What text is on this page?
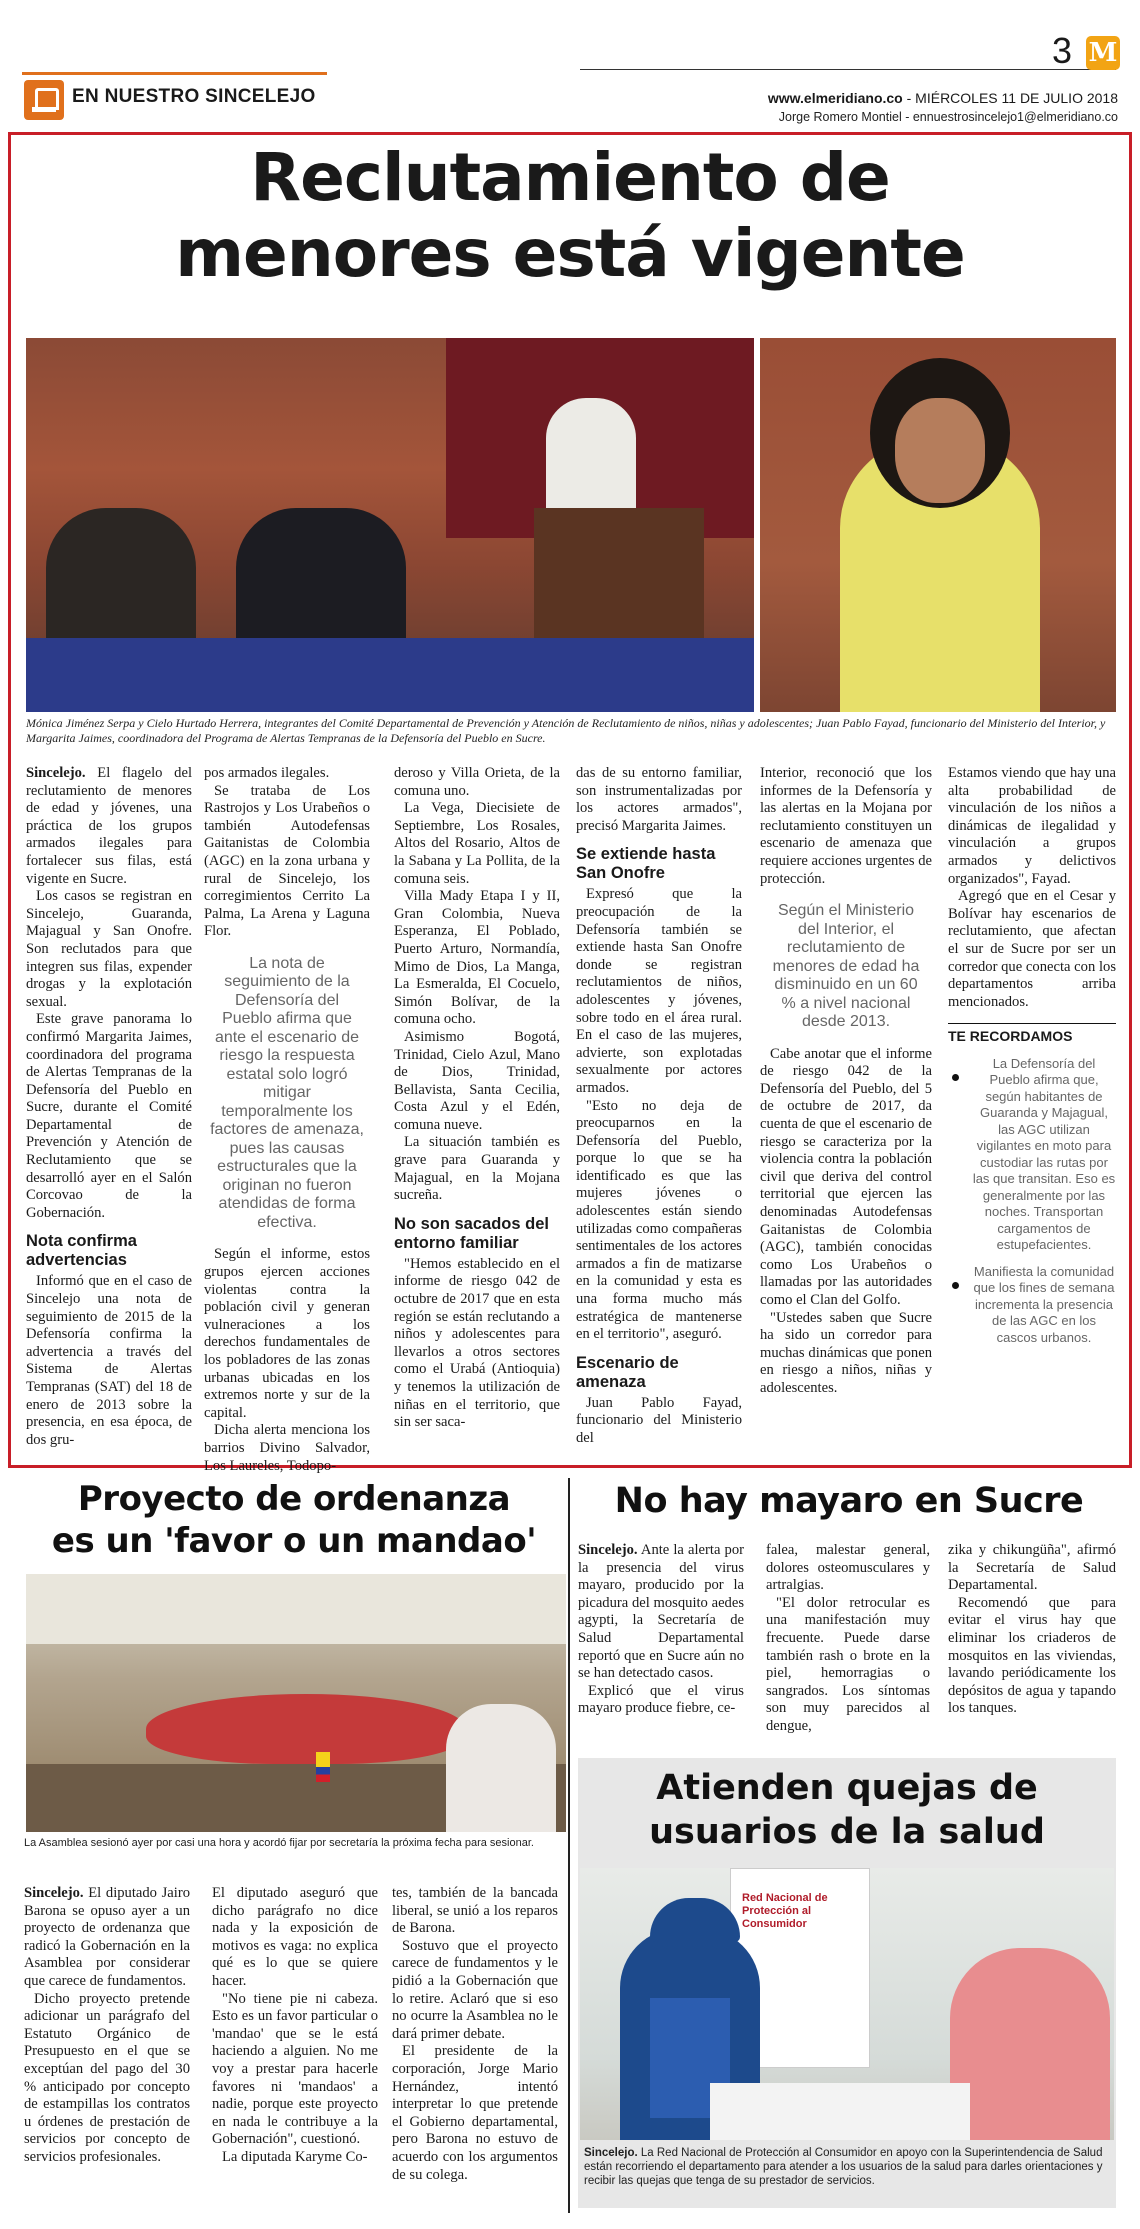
EN NUESTRO SINCELEJO
3 M
www.elmeridiano.co - MIÉRCOLES 11 DE JULIO 2018
Jorge Romero Montiel - ennuestrosincelejo1@elmeridiano.co
Reclutamiento de
menores está vigente
Mónica Jiménez Serpa y Cielo Hurtado Herrera, integrantes del Comité Departamental de Prevención y Atención de Reclutamiento de niños, niñas y adolescentes; Juan Pablo Fayad, funcionario del Ministerio del Interior, y Margarita Jaimes, coordinadora del Programa de Alertas Tempranas de la Defensoría del Pueblo en Sucre.

Sincelejo. El flagelo del reclutamiento de menores de edad y jóvenes, una práctica de los grupos armados ilegales para fortalecer sus filas, está vigente en Sucre.

Los casos se registran en Sincelejo, Guaranda, Majagual y San Onofre. Son reclutados para que integren sus filas, expender drogas y la explotación sexual.

Este grave panorama lo confirmó Margarita Jaimes, coordinadora del programa de Alertas Tempranas de la Defensoría del Pueblo en Sucre, durante el Comité Departamental de Prevención y Atención de Reclutamiento que se desarrolló ayer en el Salón Corcovao de la Gobernación.

Nota confirma advertencias

Informó que en el caso de Sincelejo una nota de seguimiento de 2015 de la Defensoría confirma la advertencia a través del Sistema de Alertas Tempranas (SAT) del 18 de enero de 2013 sobre la presencia, en esa época, de dos gru-

pos armados ilegales.

Se trataba de Los Rastrojos y Los Urabeños o también Autodefensas Gaitanistas de Colombia (AGC) en la zona urbana y rural de Sincelejo, los corregimientos Cerrito La Palma, La Arena y Laguna Flor.

La nota de seguimiento de la Defensoría del Pueblo afirma que ante el escenario de riesgo la respuesta estatal solo logró mitigar temporalmente los factores de amenaza, pues las causas estructurales que la originan no fueron atendidas de forma efectiva.

Según el informe, estos grupos ejercen acciones violentas contra la población civil y generan vulneraciones a los derechos fundamentales de los pobladores de las zonas urbanas ubicadas en los extremos norte y sur de la capital.

Dicha alerta menciona los barrios Divino Salvador, Los Laureles, Todopo-

deroso y Villa Orieta, de la comuna uno.

La Vega, Diecisiete de Septiembre, Los Rosales, Altos del Rosario, Altos de la Sabana y La Pollita, de la comuna seis.

Villa Mady Etapa I y II, Gran Colombia, Nueva Esperanza, El Poblado, Puerto Arturo, Normandía, Mimo de Dios, La Manga, La Esmeralda, El Cocuelo, Simón Bolívar, de la comuna ocho.

Asimismo Bogotá, Trinidad, Cielo Azul, Mano de Dios, Trinidad, Bellavista, Santa Cecilia, Costa Azul y el Edén, comuna nueve.

La situación también es grave para Guaranda y Majagual, en la Mojana sucreña.

No son sacados del entorno familiar

"Hemos establecido en el informe de riesgo 042 de octubre de 2017 que en esta región se están reclutando a niños y adolescentes para llevarlos a otros sectores como el Urabá (Antioquia) y tenemos la utilización de niñas en el territorio, que sin ser saca-

das de su entorno familiar, son instrumentalizadas por los actores armados", precisó Margarita Jaimes.

Se extiende hasta San Onofre

Expresó que la preocupación de la Defensoría también se extiende hasta San Onofre donde se registran reclutamientos de niños, adolescentes y jóvenes, sobre todo en el área rural. En el caso de las mujeres, advierte, son explotadas sexualmente por actores armados.

"Esto no deja de preocuparnos en la Defensoría del Pueblo, porque lo que se ha identificado es que las mujeres jóvenes o adolescentes están siendo utilizadas como compañeras sentimentales de los actores armados a fin de matizarse en la comunidad y esta es una forma mucho más estratégica de mantenerse en el territorio", aseguró.

Escenario de amenaza

Juan Pablo Fayad, funcionario del Ministerio del

Interior, reconoció que los informes de la Defensoría y las alertas en la Mojana por reclutamiento constituyen un escenario de amenaza que requiere acciones urgentes de protección.

Según el Ministerio del Interior, el reclutamiento de menores de edad ha disminuido en un 60 % a nivel nacional desde 2013.

Cabe anotar que el informe de riesgo 042 de la Defensoría del Pueblo, del 5 de octubre de 2017, da cuenta de que el escenario de riesgo se caracteriza por la violencia contra la población civil que deriva del control territorial que ejercen las denominadas Autodefensas Gaitanistas de Colombia (AGC), también conocidas como Los Urabeños o llamadas por las autoridades como el Clan del Golfo.

"Ustedes saben que Sucre ha sido un corredor para muchas dinámicas que ponen en riesgo a niños, niñas y adolescentes.

Estamos viendo que hay una alta probabilidad de vinculación de los niños a dinámicas de ilegalidad y vinculación a grupos armados y delictivos organizados", Fayad.

Agregó que en el Cesar y Bolívar hay escenarios de reclutamiento, que afectan el sur de Sucre por ser un corredor que conecta con los departamentos arriba mencionados.

TE RECORDAMOS
La Defensoría del Pueblo afirma que, según habitantes de Guaranda y Majagual, las AGC utilizan vigilantes en moto para custodiar las rutas por las que transitan. Eso es generalmente por las noches. Transportan cargamentos de estupefacientes.
Manifiesta la comunidad que los fines de semana incrementa la presencia de las AGC en los cascos urbanos.
Proyecto de ordenanza
es un 'favor o un mandao'
La Asamblea sesionó ayer por casi una hora y acordó fijar por secretaría la próxima fecha para sesionar.

Sincelejo. El diputado Jairo Barona se opuso ayer a un proyecto de ordenanza que radicó la Gobernación en la Asamblea por considerar que carece de fundamentos.

Dicho proyecto pretende adicionar un parágrafo del Estatuto Orgánico de Presupuesto en el que se exceptúan del pago del 30 % anticipado por concepto de estampillas los contratos u órdenes de prestación de servicios por concepto de servicios profesionales.

El diputado aseguró que dicho parágrafo no dice nada y la exposición de motivos es vaga: no explica qué es lo que se quiere hacer.

"No tiene pie ni cabeza. Esto es un favor particular o 'mandao' que se le está haciendo a alguien. No me voy a prestar para hacerle favores ni 'mandaos' a nadie, porque este proyecto en nada le contribuye a la Gobernación", cuestionó.

La diputada Karyme Co-

tes, también de la bancada liberal, se unió a los reparos de Barona.

Sostuvo que el proyecto carece de fundamentos y le pidió a la Gobernación que lo retire. Aclaró que si eso no ocurre la Asamblea no le dará primer debate.

El presidente de la corporación, Jorge Mario Hernández, intentó interpretar lo que pretende el Gobierno departamental, pero Barona no estuvo de acuerdo con los argumentos de su colega.

No hay mayaro en Sucre

Sincelejo. Ante la alerta por la presencia del virus mayaro, producido por la picadura del mosquito aedes agypti, la Secretaría de Salud Departamental reportó que en Sucre aún no se han detectado casos.

Explicó que el virus mayaro produce fiebre, ce-

falea, malestar general, dolores osteomusculares y artralgias.

"El dolor retrocular es una manifestación muy frecuente. Puede darse también rash o brote en la piel, hemorragias o sangrados. Los síntomas son muy parecidos al dengue,

zika y chikungüña", afirmó la Secretaría de Salud Departamental.

Recomendó que para evitar el virus hay que eliminar los criaderos de mosquitos en las viviendas, lavando periódicamente los depósitos de agua y tapando los tanques.

Atienden quejas de
usuarios de la salud
Red Nacional de Protección al Consumidor
Sincelejo. La Red Nacional de Protección al Consumidor en apoyo con la Superintendencia de Salud están recorriendo el departamento para atender a los usuarios de la salud para darles orientaciones y recibir las quejas que tenga de su prestador de servicios.
